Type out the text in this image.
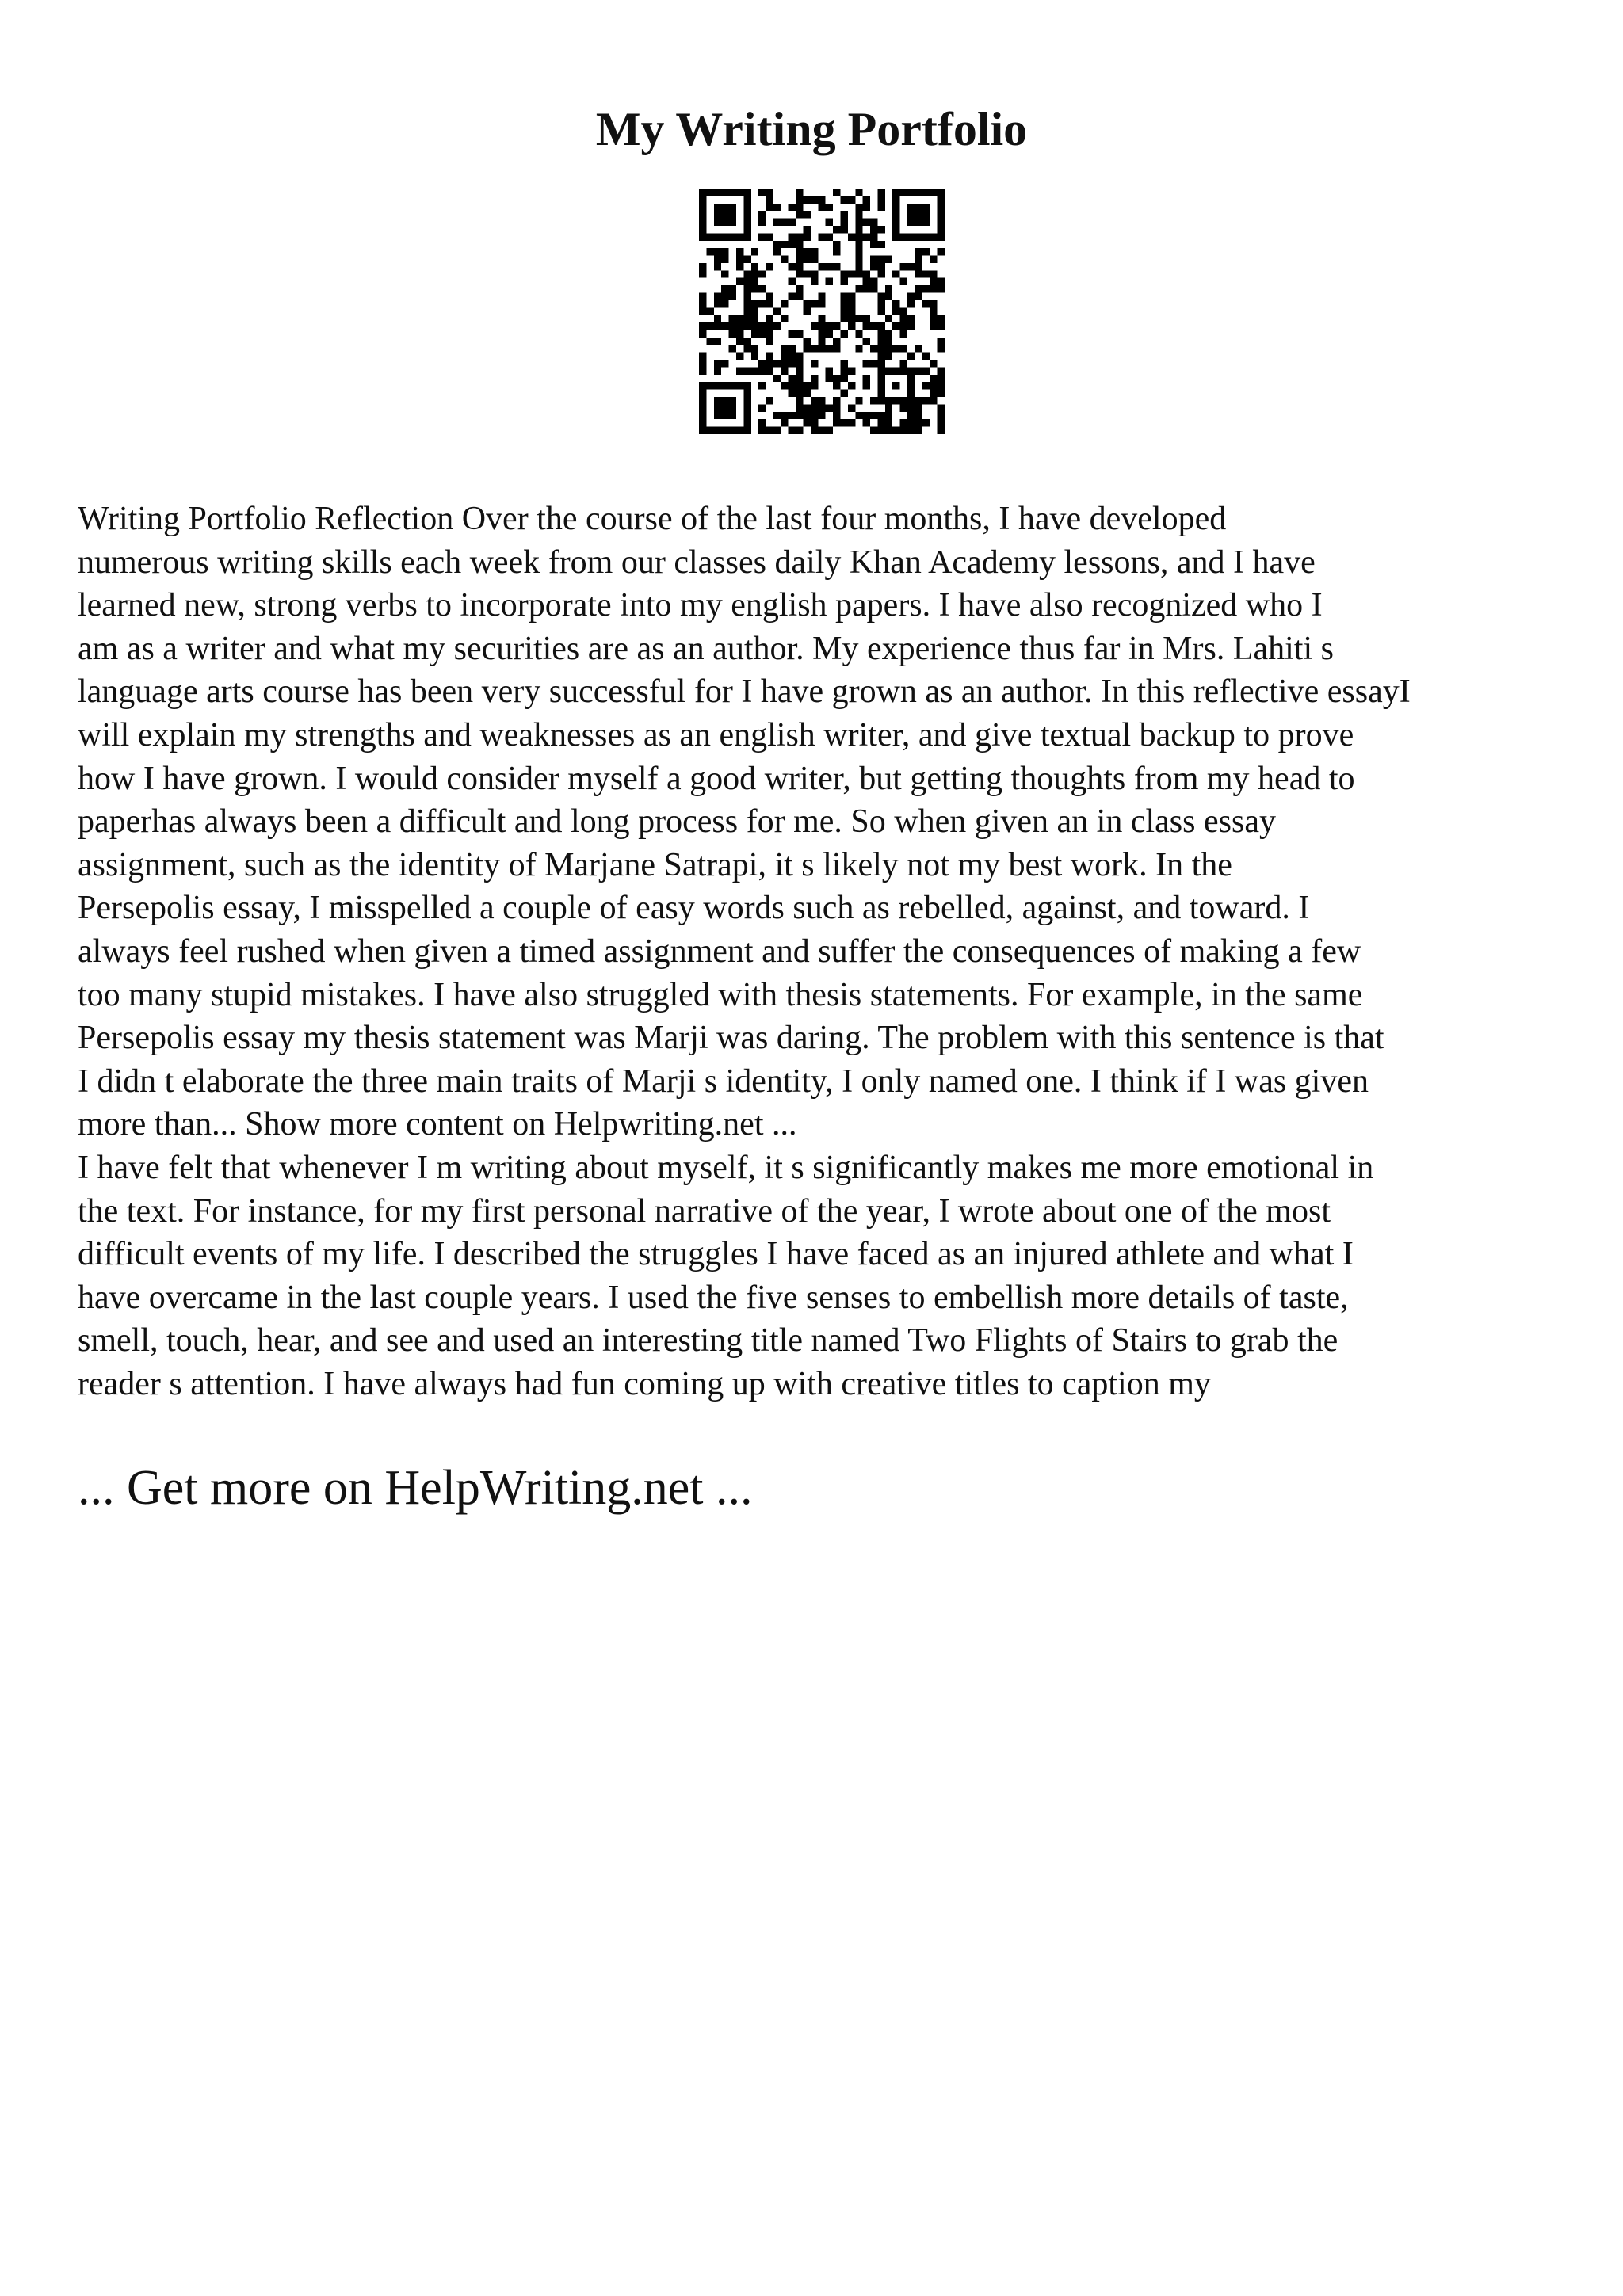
My Writing Portfolio

Writing Portfolio Reflection Over the course of the last four months, I have developed
numerous writing skills each week from our classes daily Khan Academy lessons, and I have
learned new, strong verbs to incorporate into my english papers. I have also recognized who I
am as a writer and what my securities are as an author. My experience thus far in Mrs. Lahiti s
language arts course has been very successful for I have grown as an author. In this reflective essayI
will explain my strengths and weaknesses as an english writer, and give textual backup to prove
how I have grown. I would consider myself a good writer, but getting thoughts from my head to
paperhas always been a difficult and long process for me. So when given an in class essay
assignment, such as the identity of Marjane Satrapi, it s likely not my best work. In the
Persepolis essay, I misspelled a couple of easy words such as rebelled, against, and toward. I
always feel rushed when given a timed assignment and suffer the consequences of making a few
too many stupid mistakes. I have also struggled with thesis statements. For example, in the same
Persepolis essay my thesis statement was Marji was daring. The problem with this sentence is that
I didn t elaborate the three main traits of Marji s identity, I only named one. I think if I was given
more than... Show more content on Helpwriting.net ...

I have felt that whenever I m writing about myself, it s significantly makes me more emotional in
the text. For instance, for my first personal narrative of the year, I wrote about one of the most
difficult events of my life. I described the struggles I have faced as an injured athlete and what I
have overcame in the last couple years. I used the five senses to embellish more details of taste,
smell, touch, hear, and see and used an interesting title named Two Flights of Stairs to grab the
reader s attention. I have always had fun coming up with creative titles to caption my

... Get more on HelpWriting.net ...
